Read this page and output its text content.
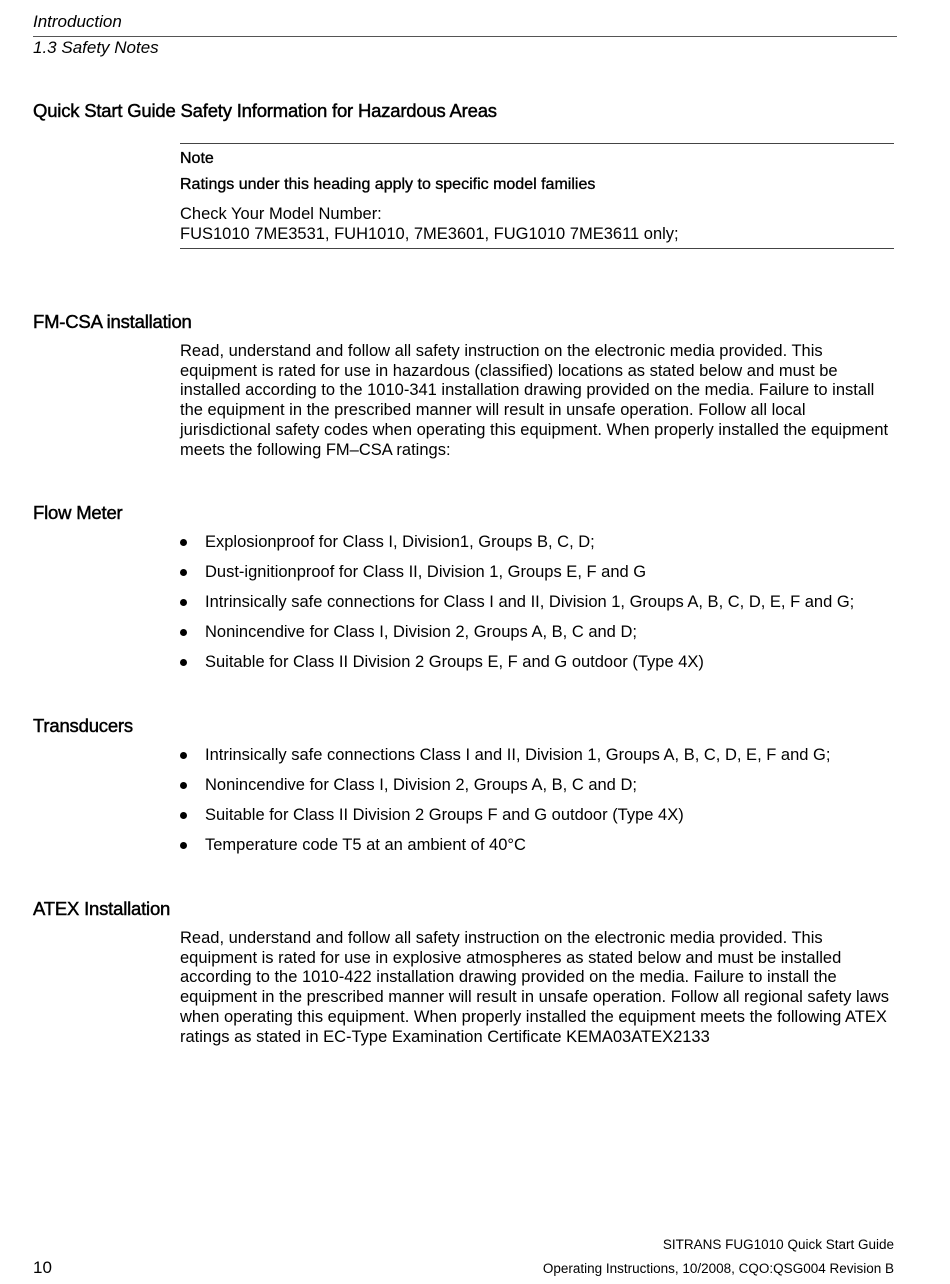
Introduction
1.3 Safety Notes
Quick Start Guide Safety Information for Hazardous Areas
Note
Ratings under this heading apply to specific model families
Check Your Model Number:
FUS1010 7ME3531, FUH1010, 7ME3601, FUG1010 7ME3611 only;
FM-CSA installation
Read, understand and follow all safety instruction on the electronic media provided. This equipment is rated for use in hazardous (classified) locations as stated below and must be installed according to the 1010-341 installation drawing provided on the media. Failure to install the equipment in the prescribed manner will result in unsafe operation. Follow all local jurisdictional safety codes when operating this equipment. When properly installed the equipment meets the following FM–CSA ratings:
Flow Meter
Explosionproof for Class I, Division1, Groups B, C, D;
Dust-ignitionproof for Class II, Division 1, Groups E, F and G
Intrinsically safe connections for Class I and II, Division 1, Groups A, B, C, D, E, F and G;
Nonincendive for Class I, Division 2, Groups A, B, C and D;
Suitable for Class II Division 2 Groups E, F and G outdoor (Type 4X)
Transducers
Intrinsically safe connections Class I and II, Division 1, Groups A, B, C, D, E, F and G;
Nonincendive for Class I, Division 2, Groups A, B, C and D;
Suitable for Class II Division 2 Groups F and G outdoor (Type 4X)
Temperature code T5 at an ambient of 40°C
ATEX Installation
Read, understand and follow all safety instruction on the electronic media provided. This equipment is rated for use in explosive atmospheres as stated below and must be installed according to the 1010-422 installation drawing provided on the media. Failure to install the equipment in the prescribed manner will result in unsafe operation. Follow all regional safety laws when operating this equipment. When properly installed the equipment meets the following ATEX ratings as stated in EC-Type Examination Certificate KEMA03ATEX2133
SITRANS FUG1010 Quick Start Guide
10	Operating Instructions, 10/2008, CQO:QSG004 Revision B
